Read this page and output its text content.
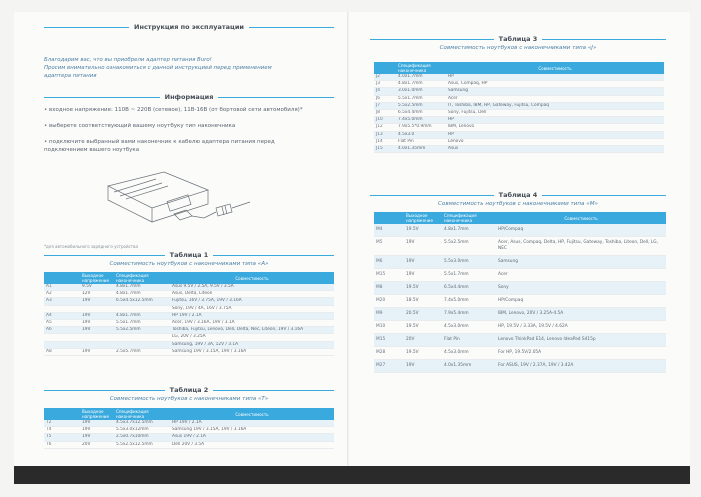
Инструкция по эксплуатации
Благодарим вас, что вы приобрели адаптер питания Buro!
Просим внимательно ознакомиться с данной инструкцией перед применением
адаптера питания
Информация
• входное напряжение: 110В ~ 220В (сетевое), 11В-16В (от бортовой сети автомобиля)*
• выберете соответствующий вашему ноутбуку тип наконечника
• подключите выбранный вами наконечник к кабелю адаптера питания перед
подключением вашего ноутбука
*для автомобильного зарядного устройства
Таблица 1
Совместимость ноутбуков с наконечниками типа «A»
	Выходное напряжение	Спецификация наконечника	Совместимость
A1	9.5V	4.8x1.7mm	Asus 9.5V / 2.5A, 9.5V / 3.5A
A2	12V	4.8x1.7mm	Asus, Delta, Liteon
A3	19V	6.5x4.5x12.5mm	Fujitsu, 16V / 3.75A, 19V / 3.16A
			Sony, 19V / 4A, 16V / 3.75A
A4	19V	4.8x1.7mm	HP 19V / 2.1A
A5	19V	5.5x1.7mm	Acer, 19V / 3.16A, 19V / 3.1A
A6	19V	5.5x2.5mm	Toshiba, Fujitsu, Lenovo, Dell, Delta, Nec, Liteon, 19V / 3.16A
			LG, 20V / 3.25A
			Samsung, 19V / 3A, 12V / 3.1A
A8	19V	2.5x5.7mm	Samsung 19V / 3.15A, 19V / 3.16A
Таблица 2
Совместимость ноутбуков с наконечниками типа «T»
	Выходное напряжение	Спецификация наконечника	Совместимость
T2	19V	4.5x3.7x12.5mm	HP 19V / 2.1A
T4	19V	5.5x3.0x12mm	Samsung 19V / 3.15A, 19V / 3.16A
T5	19V	2.5x0.7x10mm	Asus 19V / 2.1A
T6	20V	5.5x2.5x12.5mm	Dell 20V / 3.5A
Таблица 3
Совместимость ноутбуков с наконечниками типа «J»
	Спецификация наконечника	Совместимость
J2	4.0x1.7mm	HP
J3	4.8x1.7mm	Asus, Compaq, HP
J4	3.0x1.0mm	Samsung
J6	5.5x1.7mm	Acer
J7	5.5x2.5mm	IT, Toshiba, IBM, HP, Gateway, Fujitsu, Compaq
J8	6.5x4.4mm	Sony, Fujitsu, Dell
J10	7.4x5.0mm	HP
J12	7.9x5.5*0.9mm	IBM, Lenovo
J13	4.5x3.0	HP
J14	Flat Pin	Lenovo
J15	4.0x1.35mm	Asus
Таблица 4
Совместимость ноутбуков с наконечниками типа «M»
	Выходное напряжение	Спецификация наконечника	Совместимость
M4	19.5V	4.8x1.7mm	HP/Compaq
M5	19V	5.5x2.5mm	Acer, Asus, Compaq, Delta, HP, Fujitsu, Gateway, Toshiba, Liteon, Dell, LG, NEC
M6	19V	5.5x3.0mm	Samsung
M15	19V	5.5x1.7mm	Acer
M8	19.5V	6.5x4.4mm	Sony
M20	18.5V	7.4x5.0mm	HP/Compaq
M9	20.5V	7.9x5.4mm	IBM, Lenovo, 20V / 3.25A-4.5A
M10	19.5V	4.5x3.0mm	HP, 19.5V / 3.33A, 19.5V / 4.62A
M15	20V	Flat Pin	Lenovo ThinkPad E14, Lenovo IdeaPad S415p
M28	19.5V	4.5x3.0mm	For HP, 19.5V/2.05A
M27	19V	4.0x1.35mm	For ASUS, 19V / 2.37A, 19V / 3.42A
